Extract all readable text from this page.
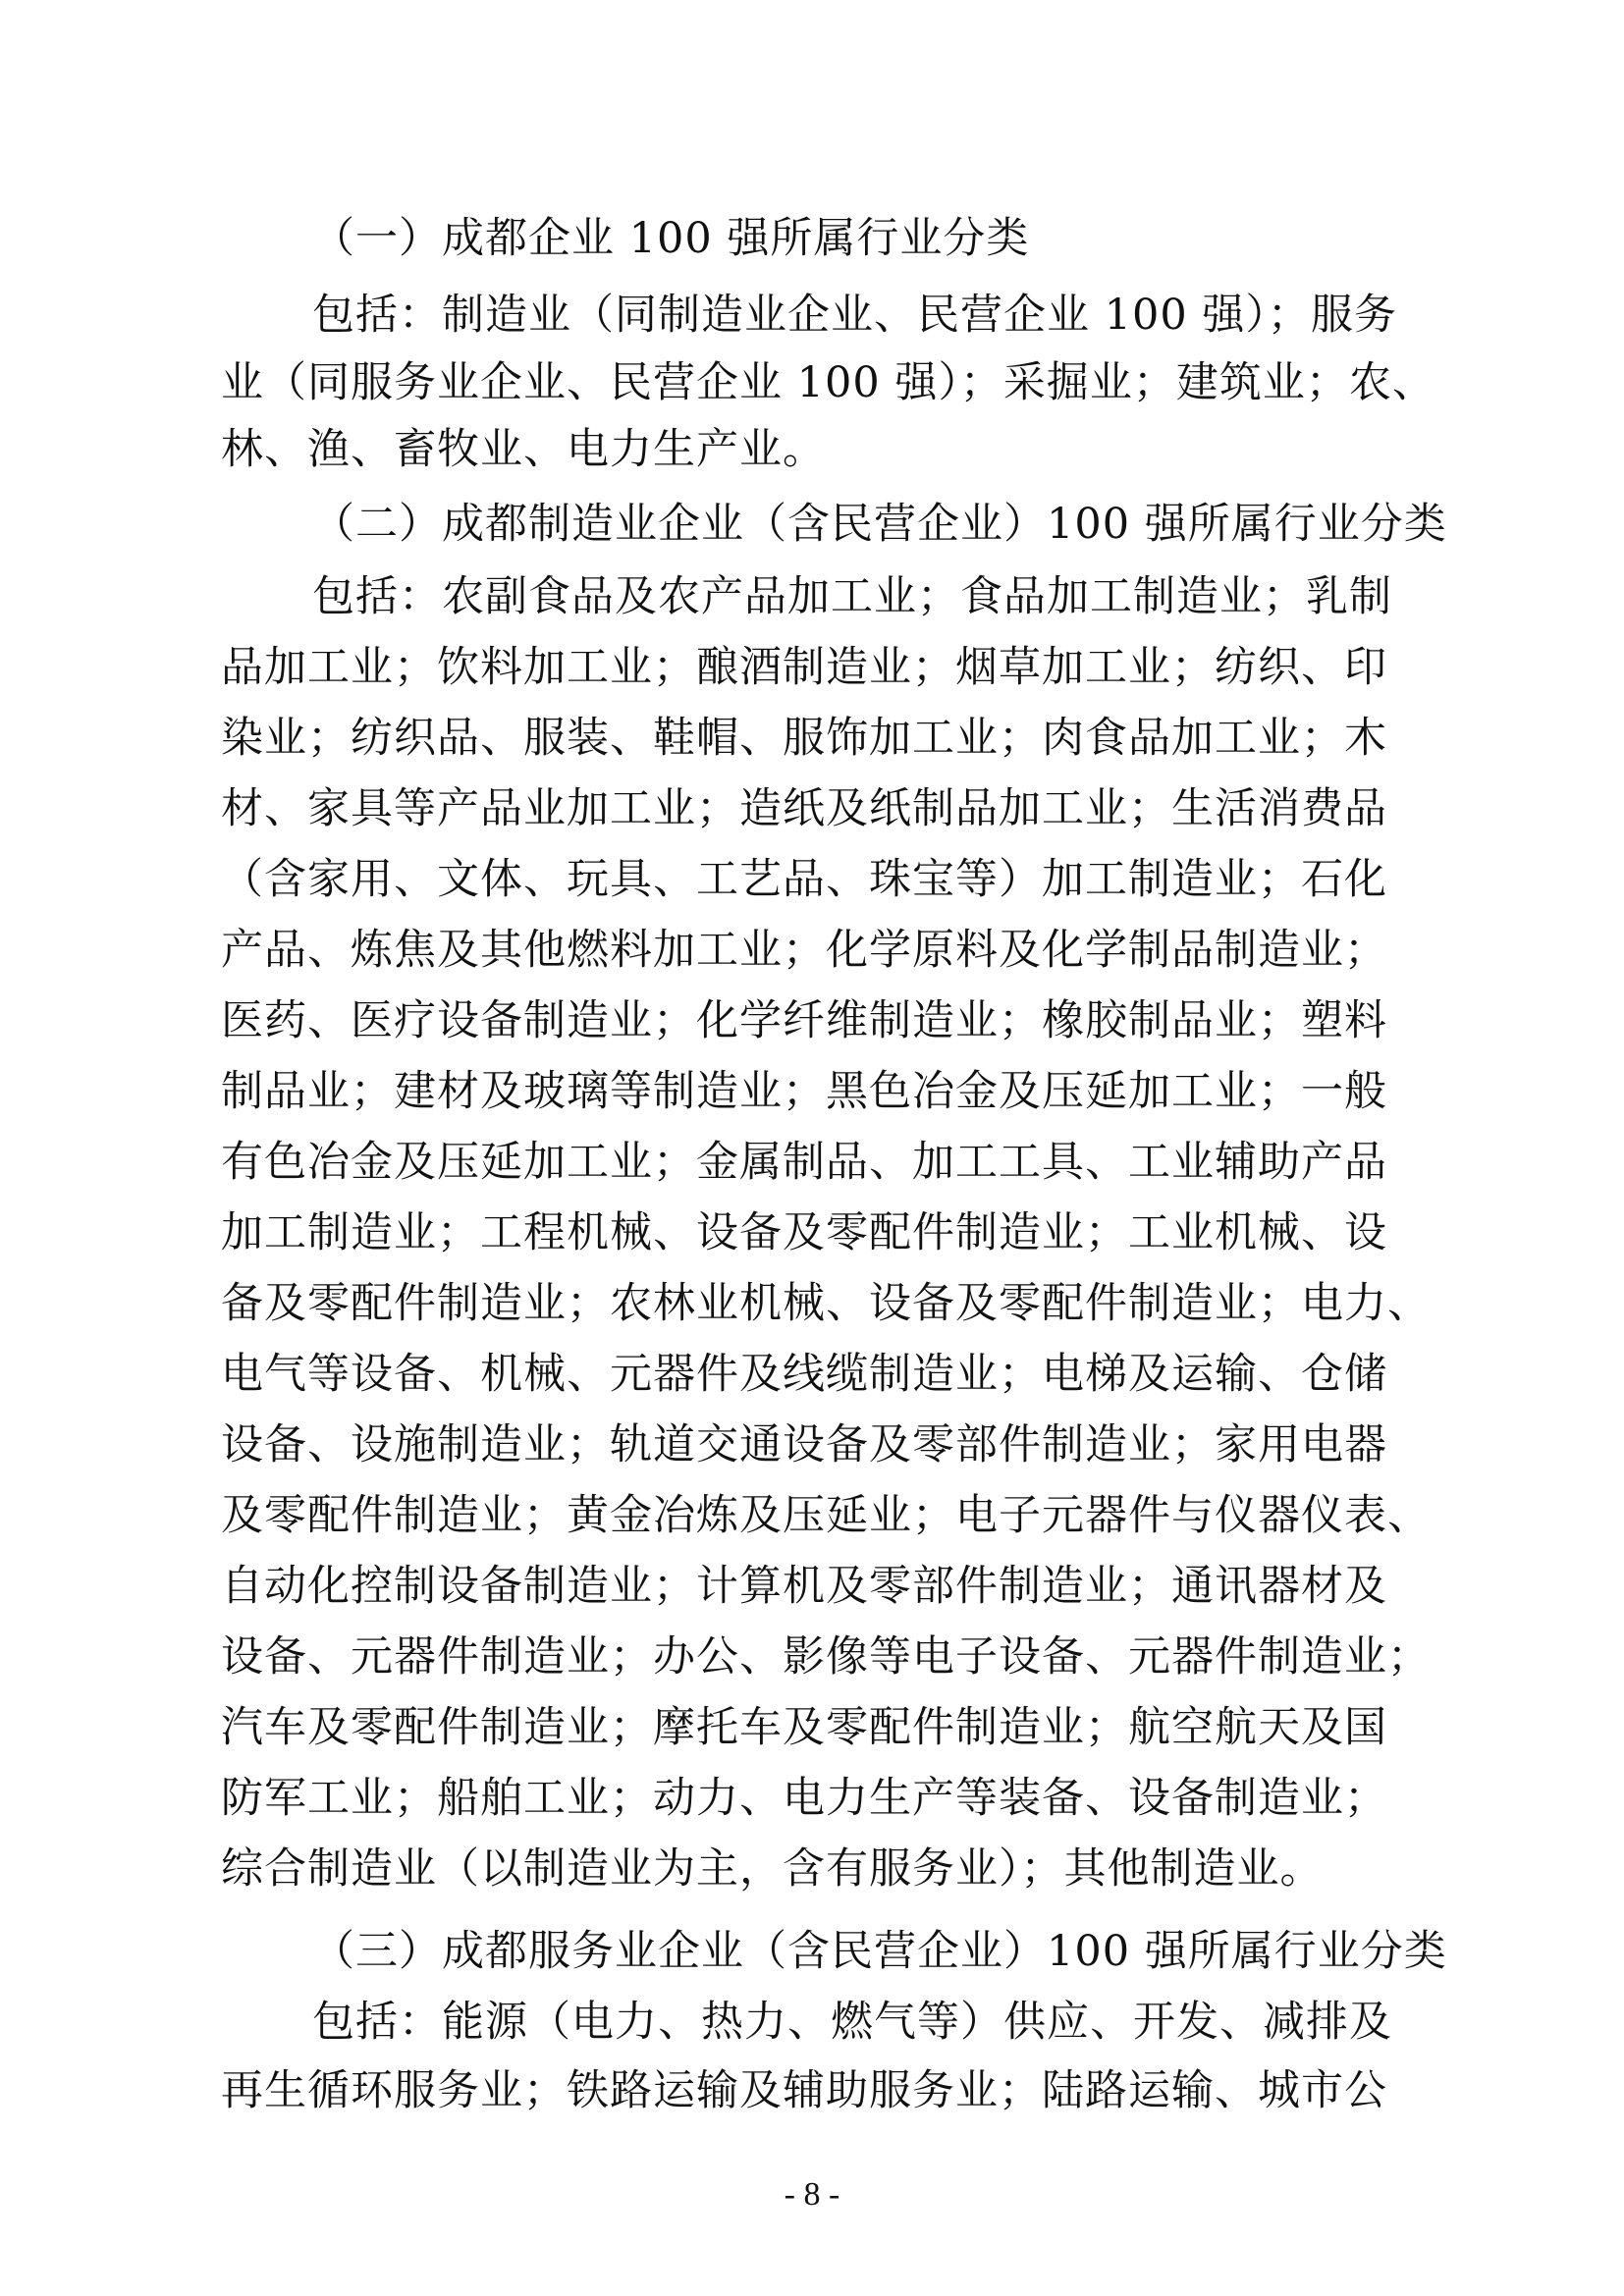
（一）成都企业 100 强所属行业分类
包括：制造业（同制造业企业、民营企业 100 强）；服务
业（同服务业企业、民营企业 100 强）；采掘业；建筑业；农、
林、渔、畜牧业、电力生产业。
（二）成都制造业企业（含民营企业）100 强所属行业分类
包括：农副食品及农产品加工业；食品加工制造业；乳制
品加工业；饮料加工业；酿酒制造业；烟草加工业；纺织、印
染业；纺织品、服装、鞋帽、服饰加工业；肉食品加工业；木
材、家具等产品业加工业；造纸及纸制品加工业；生活消费品
（含家用、文体、玩具、工艺品、珠宝等）加工制造业；石化
产品、炼焦及其他燃料加工业；化学原料及化学制品制造业；
医药、医疗设备制造业；化学纤维制造业；橡胶制品业；塑料
制品业；建材及玻璃等制造业；黑色冶金及压延加工业；一般
有色冶金及压延加工业；金属制品、加工工具、工业辅助产品
加工制造业；工程机械、设备及零配件制造业；工业机械、设
备及零配件制造业；农林业机械、设备及零配件制造业；电力、
电气等设备、机械、元器件及线缆制造业；电梯及运输、仓储
设备、设施制造业；轨道交通设备及零部件制造业；家用电器
及零配件制造业；黄金冶炼及压延业；电子元器件与仪器仪表、
自动化控制设备制造业；计算机及零部件制造业；通讯器材及
设备、元器件制造业；办公、影像等电子设备、元器件制造业；
汽车及零配件制造业；摩托车及零配件制造业；航空航天及国
防军工业；船舶工业；动力、电力生产等装备、设备制造业；
综合制造业（以制造业为主，含有服务业）；其他制造业。
（三）成都服务业企业（含民营企业）100 强所属行业分类
包括：能源（电力、热力、燃气等）供应、开发、减排及
再生循环服务业；铁路运输及辅助服务业；陆路运输、城市公
- 8 -
